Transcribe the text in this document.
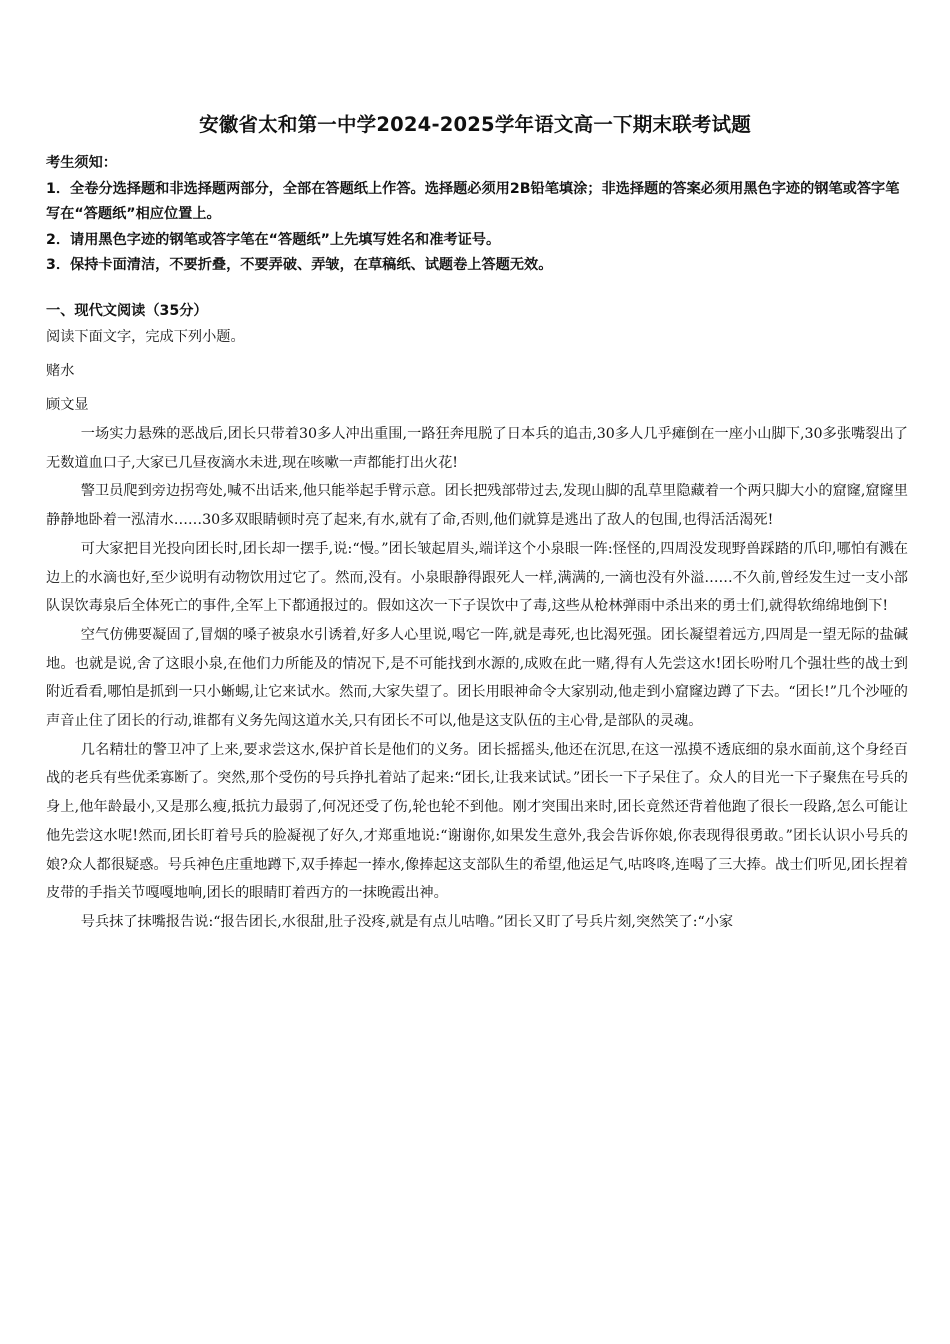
安徽省太和第一中学2024-2025学年语文高一下期末联考试题

考生须知：

1．全卷分选择题和非选择题两部分，全部在答题纸上作答。选择题必须用2B铅笔填涂；非选择题的答案必须用黑色字迹的钢笔或答字笔写在“答题纸”相应位置上。

2．请用黑色字迹的钢笔或答字笔在“答题纸”上先填写姓名和准考证号。

3．保持卡面清洁，不要折叠，不要弄破、弄皱，在草稿纸、试题卷上答题无效。

一、现代文阅读（35分）

阅读下面文字，完成下列小题。

赌水

顾文显

一场实力悬殊的恶战后,团长只带着30多人冲出重围,一路狂奔甩脱了日本兵的追击,30多人几乎瘫倒在一座小山脚下,30多张嘴裂出了无数道血口子,大家已几昼夜滴水未进,现在咳嗽一声都能打出火花!

警卫员爬到旁边拐弯处,喊不出话来,他只能举起手臂示意。团长把残部带过去,发现山脚的乱草里隐藏着一个两只脚大小的窟窿,窟窿里静静地卧着一泓清水……30多双眼睛顿时亮了起来,有水,就有了命,否则,他们就算是逃出了敌人的包围,也得活活渴死!

可大家把目光投向团长时,团长却一摆手,说:“慢。”团长皱起眉头,端详这个小泉眼一阵:怪怪的,四周没发现野兽踩踏的爪印,哪怕有溅在边上的水滴也好,至少说明有动物饮用过它了。然而,没有。小泉眼静得跟死人一样,满满的,一滴也没有外溢……不久前,曾经发生过一支小部队误饮毒泉后全体死亡的事件,全军上下都通报过的。假如这次一下子误饮中了毒,这些从枪林弹雨中杀出来的勇士们,就得软绵绵地倒下!

空气仿佛要凝固了,冒烟的嗓子被泉水引诱着,好多人心里说,喝它一阵,就是毒死,也比渴死强。团长凝望着远方,四周是一望无际的盐碱地。也就是说,舍了这眼小泉,在他们力所能及的情况下,是不可能找到水源的,成败在此一赌,得有人先尝这水!团长吩咐几个强壮些的战士到附近看看,哪怕是抓到一只小蜥蜴,让它来试水。然而,大家失望了。团长用眼神命令大家别动,他走到小窟窿边蹲了下去。“团长!”几个沙哑的声音止住了团长的行动,谁都有义务先闯这道水关,只有团长不可以,他是这支队伍的主心骨,是部队的灵魂。

几名精壮的警卫冲了上来,要求尝这水,保护首长是他们的义务。团长摇摇头,他还在沉思,在这一泓摸不透底细的泉水面前,这个身经百战的老兵有些优柔寡断了。突然,那个受伤的号兵挣扎着站了起来:“团长,让我来试试。”团长一下子呆住了。众人的目光一下子聚焦在号兵的身上,他年龄最小,又是那么瘦,抵抗力最弱了,何况还受了伤,轮也轮不到他。刚才突围出来时,团长竟然还背着他跑了很长一段路,怎么可能让他先尝这水呢!然而,团长盯着号兵的脸凝视了好久,才郑重地说:“谢谢你,如果发生意外,我会告诉你娘,你表现得很勇敢。”团长认识小号兵的娘?众人都很疑惑。号兵神色庄重地蹲下,双手捧起一捧水,像捧起这支部队生的希望,他运足气,咕咚咚,连喝了三大捧。战士们听见,团长捏着皮带的手指关节嘎嘎地响,团长的眼睛盯着西方的一抹晚霞出神。

号兵抹了抹嘴报告说:“报告团长,水很甜,肚子没疼,就是有点儿咕噜。”团长又盯了号兵片刻,突然笑了:“小家
